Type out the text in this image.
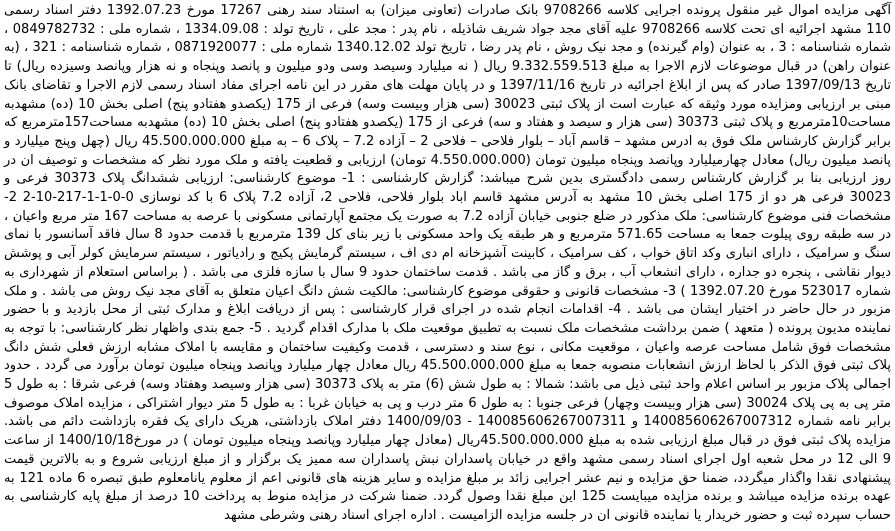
آگهی مزایده اموال غیر منقول پرونده اجرایی کلاسه 9708266 بانک صادرات (تعاونی میزان) به استناد سند رهنی 17267 مورخ 1392.07.23 دفتر اسناد رسمی 110 مشهد اجرائیه ای تحت کلاسه 9708266 علیه آقای مجد جواد شریف شاذیله ، نام پدر : مجد علی ، تاریخ تولد : 1334.09.08 ، شماره ملی : 0849782732 ، شماره شناسنامه : 3 ، به عنوان (وام گیرنده) و مجد نیک روش ، نام پدر رضا ، تاریخ تولد 1340.12.02 شماره ملی : 0871920077 ، شماره شناسنامه : 321 ، (به عنوان راهن) در قبال موضوعات لازم الاجرا به مبلغ 9.332.559.513 ریال ( نه میلیارد وسیصد وسی ودو میلیون و پانصد وپنجاه و نه هزار وپانصد وسیزده ریال) تا تاریخ 1397/09/13 صادر که پس از ابلاغ اجرائیه در تاریخ 1397/11/16 و در پایان مهلت های مقرر در این نامه اجرای مفاد اسناد رسمی لازم الاجرا و تقاضای بانک مبنی بر ارزیابی ومزایده مورد وثیقه که عبارت است از پلاک ثبتی 30023 (سی هزار وبیست وسه) فرعی از 175 (یکصدو هفتادو پنج) اصلی بخش 10 (ده) مشهدبه مساحت10مترمربع و پلاک ثبتی 30373 (سی هزار و سیصد و هفتاد و سه) فرعی از 175 (یکصدو هفتادو پنج) اصلی بخش 10 (ده) مشهدبه مساحت157مترمربع که برابر گزارش کارشناس ملک فوق به ادرس مشهد – قاسم آباد – بلوار فلاحی – فلاحی 2 – آزاده 7.2 – پلاک 6 – به مبلغ 45.500.000.000 ریال (چهل وپنج میلیارد و پانصد میلیون ریال) معادل چهارمیلیارد وپانصد وپنجاه میلیون تومان (4.550.000.000 تومان) ارزیابی و قطعیت یافته و ملک مورد نظر که مشخصات و توصیف ان در روز ارزیابی بنا بر گزارش کارشناس رسمی دادگستری بدین شرح میباشد: گزارش کارشناسی : 1- موضوع کارشناسی: ارزیابی ششدانگ پلاک 30373 فرعی و 30023 فرعی هر دو از 175 اصلی بخش 10 مشهد به آدرس مشهد قاسم اباد بلوار فلاحی، فلاحی 2، آزاده 7.2 پلاک 6 با کد نوسازی 0-0-1-1-217-10-2 2- مشخصات فنی موضوع کارشناسی: ملک مذکور در ضلع جنوبی خیابان آزاده 7.2 به صورت یک مجتمع آپارتمانی مسکونی با عرصه به مساحت 167 متر مربع واعیان ، در سه طبقه روی پیلوت جمعا به مساحت 571.65 مترمربع و هر طبقه یک واحد مسکونی با زیر بنای کل 139 مترمربع با قدمت حدود 8 سال فاقد آسانسور با نمای سنگ و سرامیک ، دارای انباری وکد اتاق خواب ، کف سرامیک ، کابینت آشپزخانه ام دی اف ، سیستم گرمایش پکیج و رادیاتور ، سیستم سرمایش کولر آبی و پوشش دیوار نقاشی ، پنجره دو جداره ، دارای انشعاب آب ، برق و گاز می باشد . قدمت ساختمان حدود 9 سال با سازه فلزی می باشد . ( براساس استعلام از شهرداری به شماره 523017 مورخ 1392.07.20 ) 3- مشخصات قانونی و حقوقی موضوع کارشناسی: مالکیت شش دانگ اعیان متعلق به آقای مجد نیک روش می باشد . و ملک مزبور در حال حاضر در اختیار ایشان می باشد . 4- اقدامات انجام شده در اجرای قرار کارشناسی : پس از دریافت ابلاغ و مدارک ثبتی از محل بازدید و با حضور نماینده مدیون پرونده ( متعهد ) ضمن برداشت مشخصات ملک نسبت به تطبیق موقعیت ملک با مدارک اقدام گردید . 5- جمع بندی واظهار نظر کارشناسی: با توجه به مشخصات فوق شامل مساحت عرصه واعیان ، موقعیت مکانی ، نوع سند و دسترسی ، قدمت وکیفیت ساختمان و مقایسه با املاک مشابه ارزش فعلی شش دانگ پلاک ثبتی فوق الذکر با لحاظ ارزش انشعابات منصوبه جمعا به مبلغ 45.500.000.000 ریال معادل چهار میلیارد وپانصد وپنجاه میلیون تومان برآورد می گردد . حدود اجمالی پلاک مزبور بر اساس اعلام واحد ثبتی ذیل می باشد: شمالا : به طول شش (6) متر به پلاک 30373 (سی هزار وسیصد وهفتاد وسه) فرعی شرقا : به طول 5 متر پی به پی پلاک 30024 (سی هزار وبیست وچهار) فرعی جنوبا : به طول 6 متر درب و پی به خیابان غربا : به طول 5 متر دیوار اشتراکی ، مزایده املاک موصوف برابر نامه شماره 140085606267007312 و 140085606267007311 - 1400/09/03 دفتر املاک بازداشتی، هریک دارای یک فقره بازداشت دائم می باشد. مزایده پلاک ثبتی فوق در قبال مبلغ ارزیابی شده به مبلغ 45.500.000.000ریال (معادل چهار میلیارد وپانصد وپنجاه میلیون تومان ) در مورخ1400/10/18 از ساعت 9 الی 12 در محل شعبه اول اجرای اسناد رسمی مشهد واقع در خیابان پاسداران نبش پاسداران سه ممیز یک برگزار و از مبلغ ارزیابی شروع و به بالاترین قیمت پیشنهادی نقدا واگذار میگردد، ضمنا حق مزایده و نیم عشر اجرایی زائد بر مبلغ مزایده و سایر هزینه های قانونی اعم از معلوم یانامعلوم طبق تبصره 6 ماده 121 به عهده برنده مزایده میباشد و برنده مزایده میبایست 125 این مبلغ نقدا وصول گردد. ضمنا شرکت در مزایده منوط به پرداخت 10 درصد از مبلغ پایه کارشناسی به حساب سپرده ثبت و حضور خریدار یا نماینده قانونی ان در جلسه مزایده الزامیست . اداره اجرای اسناد رهنی وشرطی مشهد
